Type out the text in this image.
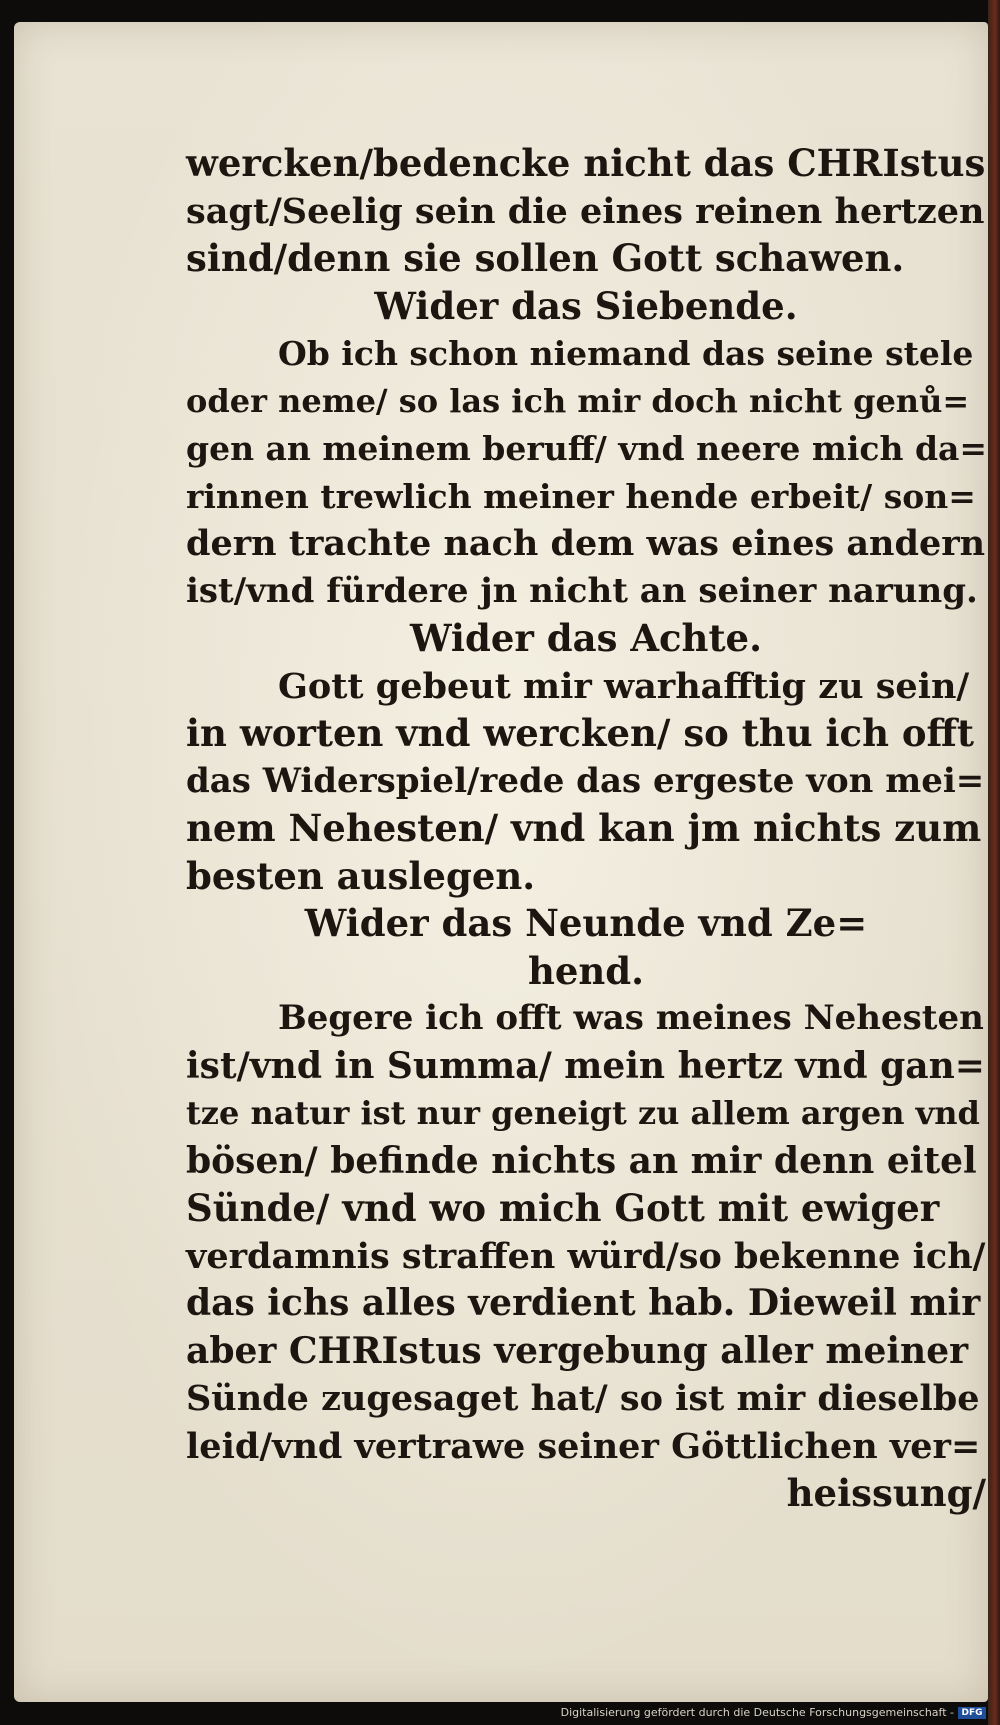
wercken/bedencke nicht das CHRIstus
sagt/Seelig sein die eines reinen hertzen
sind/denn sie sollen Gott schawen.
Wider das Siebende.
Ob ich schon niemand das seine stele
oder neme/ so las ich mir doch nicht genů=
gen an meinem beruff/ vnd neere mich da=
rinnen trewlich meiner hende erbeit/ son=
dern trachte nach dem was eines andern
ist/vnd fürdere jn nicht an seiner narung.
Wider das Achte.
Gott gebeut mir warhafftig zu sein/
in worten vnd wercken/ so thu ich offt
das Widerspiel/rede das ergeste von mei=
nem Nehesten/ vnd kan jm nichts zum
besten auslegen.
Wider das Neunde vnd Ze=
hend.
Begere ich offt was meines Nehesten
ist/vnd in Summa/ mein hertz vnd gan=
tze natur ist nur geneigt zu allem argen vnd
bösen/ befinde nichts an mir denn eitel
Sünde/ vnd wo mich Gott mit ewiger
verdamnis straffen würd/so bekenne ich/
das ichs alles verdient hab. Dieweil mir
aber CHRIstus vergebung aller meiner
Sünde zugesaget hat/ so ist mir dieselbe
leid/vnd vertrawe seiner Göttlichen ver=
heissung/
Digitalisierung gefördert durch die Deutsche Forschungsgemeinschaft - DFG
